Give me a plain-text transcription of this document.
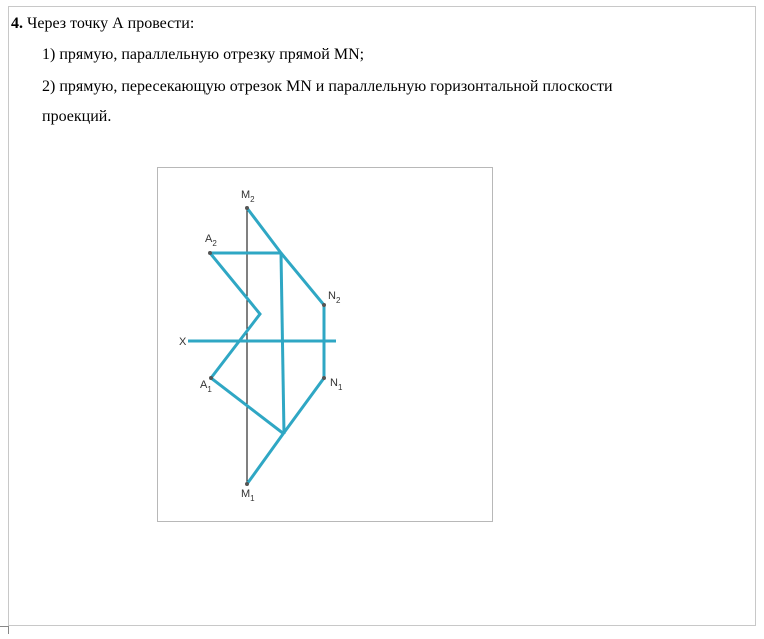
4. Через точку А провести:
1) прямую, параллельную отрезку прямой MN;
2) прямую, пересекающую отрезок MN и параллельную горизонтальной плоскости
проекций.
$M_2$
$A_2$
$N_2$
X
$A_1$
$N_1$
$M_1$
